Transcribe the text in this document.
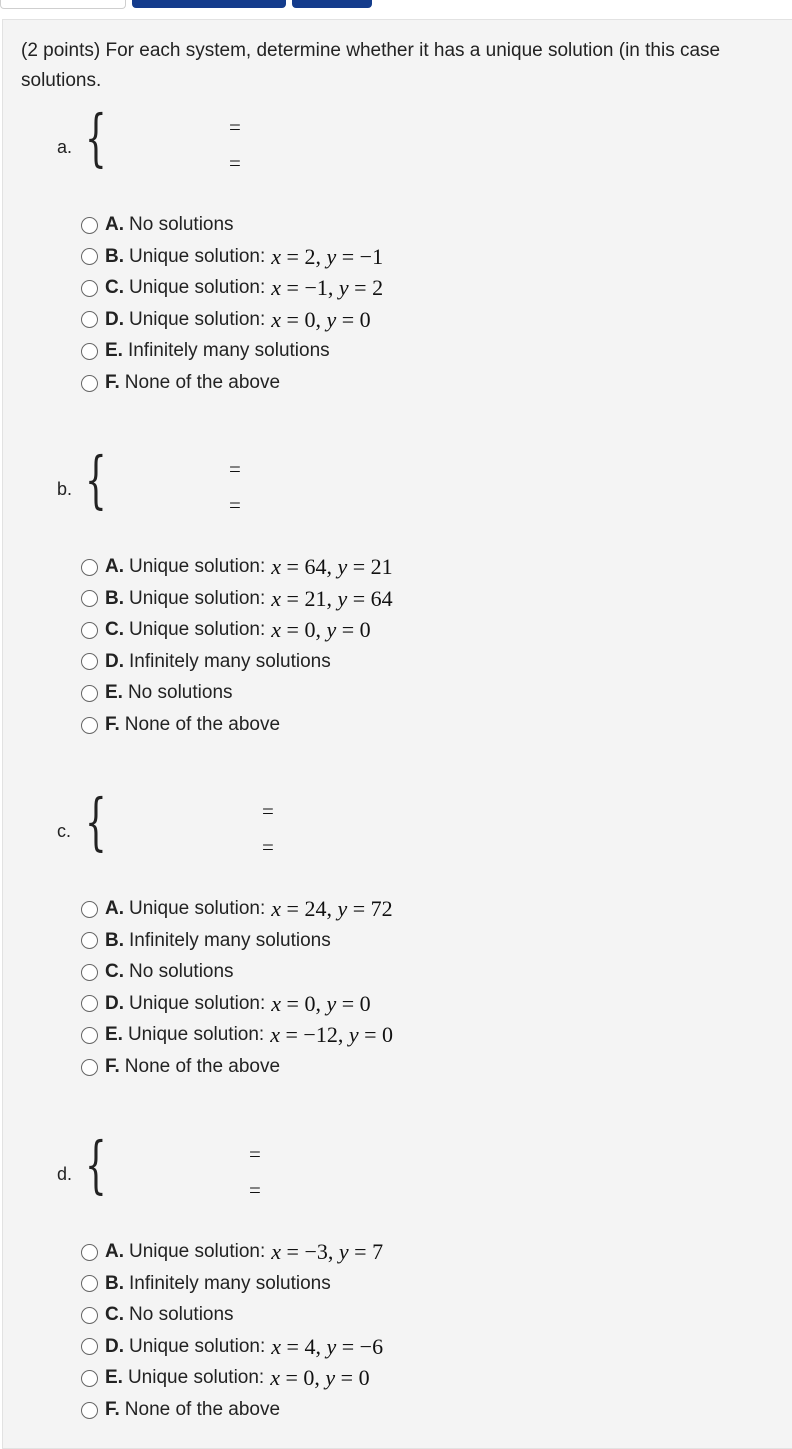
(2 points) For each system, determine whether it has a unique solution (in this case
solutions.
a. {	=
=
A. No solutions
B. Unique solution: x = 2, y = −1
C. Unique solution: x = −1, y = 2
D. Unique solution: x = 0, y = 0
E. Infinitely many solutions
F. None of the above
b. {	=
=
A. Unique solution: x = 64, y = 21
B. Unique solution: x = 21, y = 64
C. Unique solution: x = 0, y = 0
D. Infinitely many solutions
E. No solutions
F. None of the above
c. {	=
=
A. Unique solution: x = 24, y = 72
B. Infinitely many solutions
C. No solutions
D. Unique solution: x = 0, y = 0
E. Unique solution: x = −12, y = 0
F. None of the above
d. {	=
=
A. Unique solution: x = −3, y = 7
B. Infinitely many solutions
C. No solutions
D. Unique solution: x = 4, y = −6
E. Unique solution: x = 0, y = 0
F. None of the above
